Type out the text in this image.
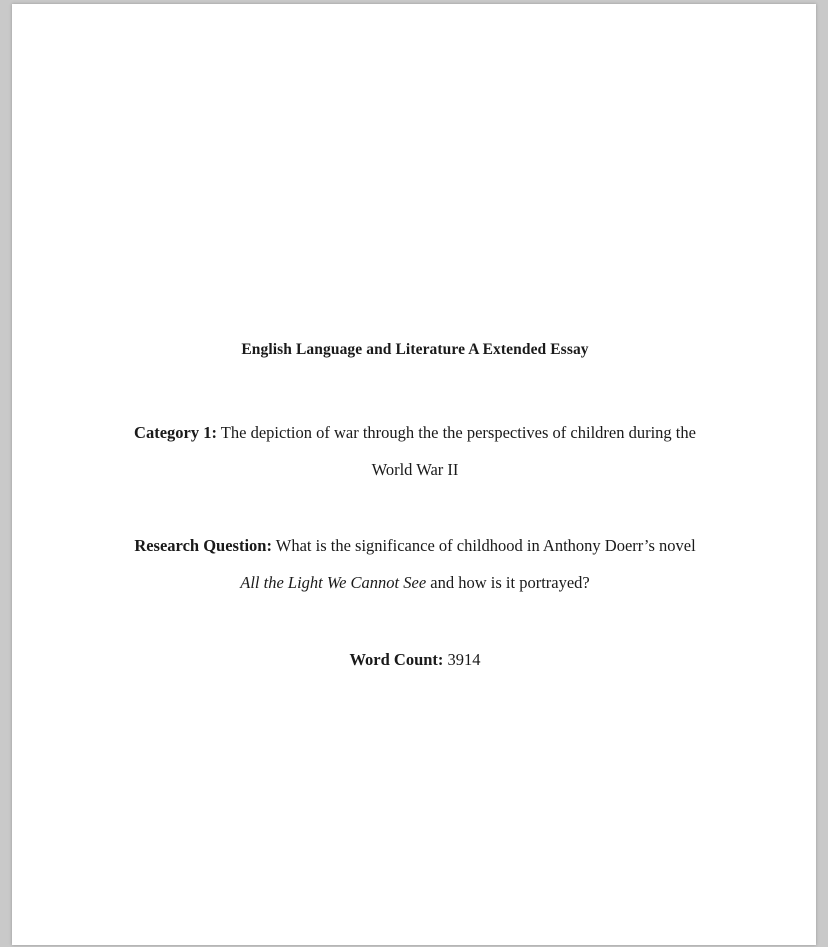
English Language and Literature A Extended Essay
Category 1: The depiction of war through the the perspectives of children during the
World War II
Research Question: What is the significance of childhood in Anthony Doerr’s novel
All the Light We Cannot See and how is it portrayed?
Word Count: 3914
